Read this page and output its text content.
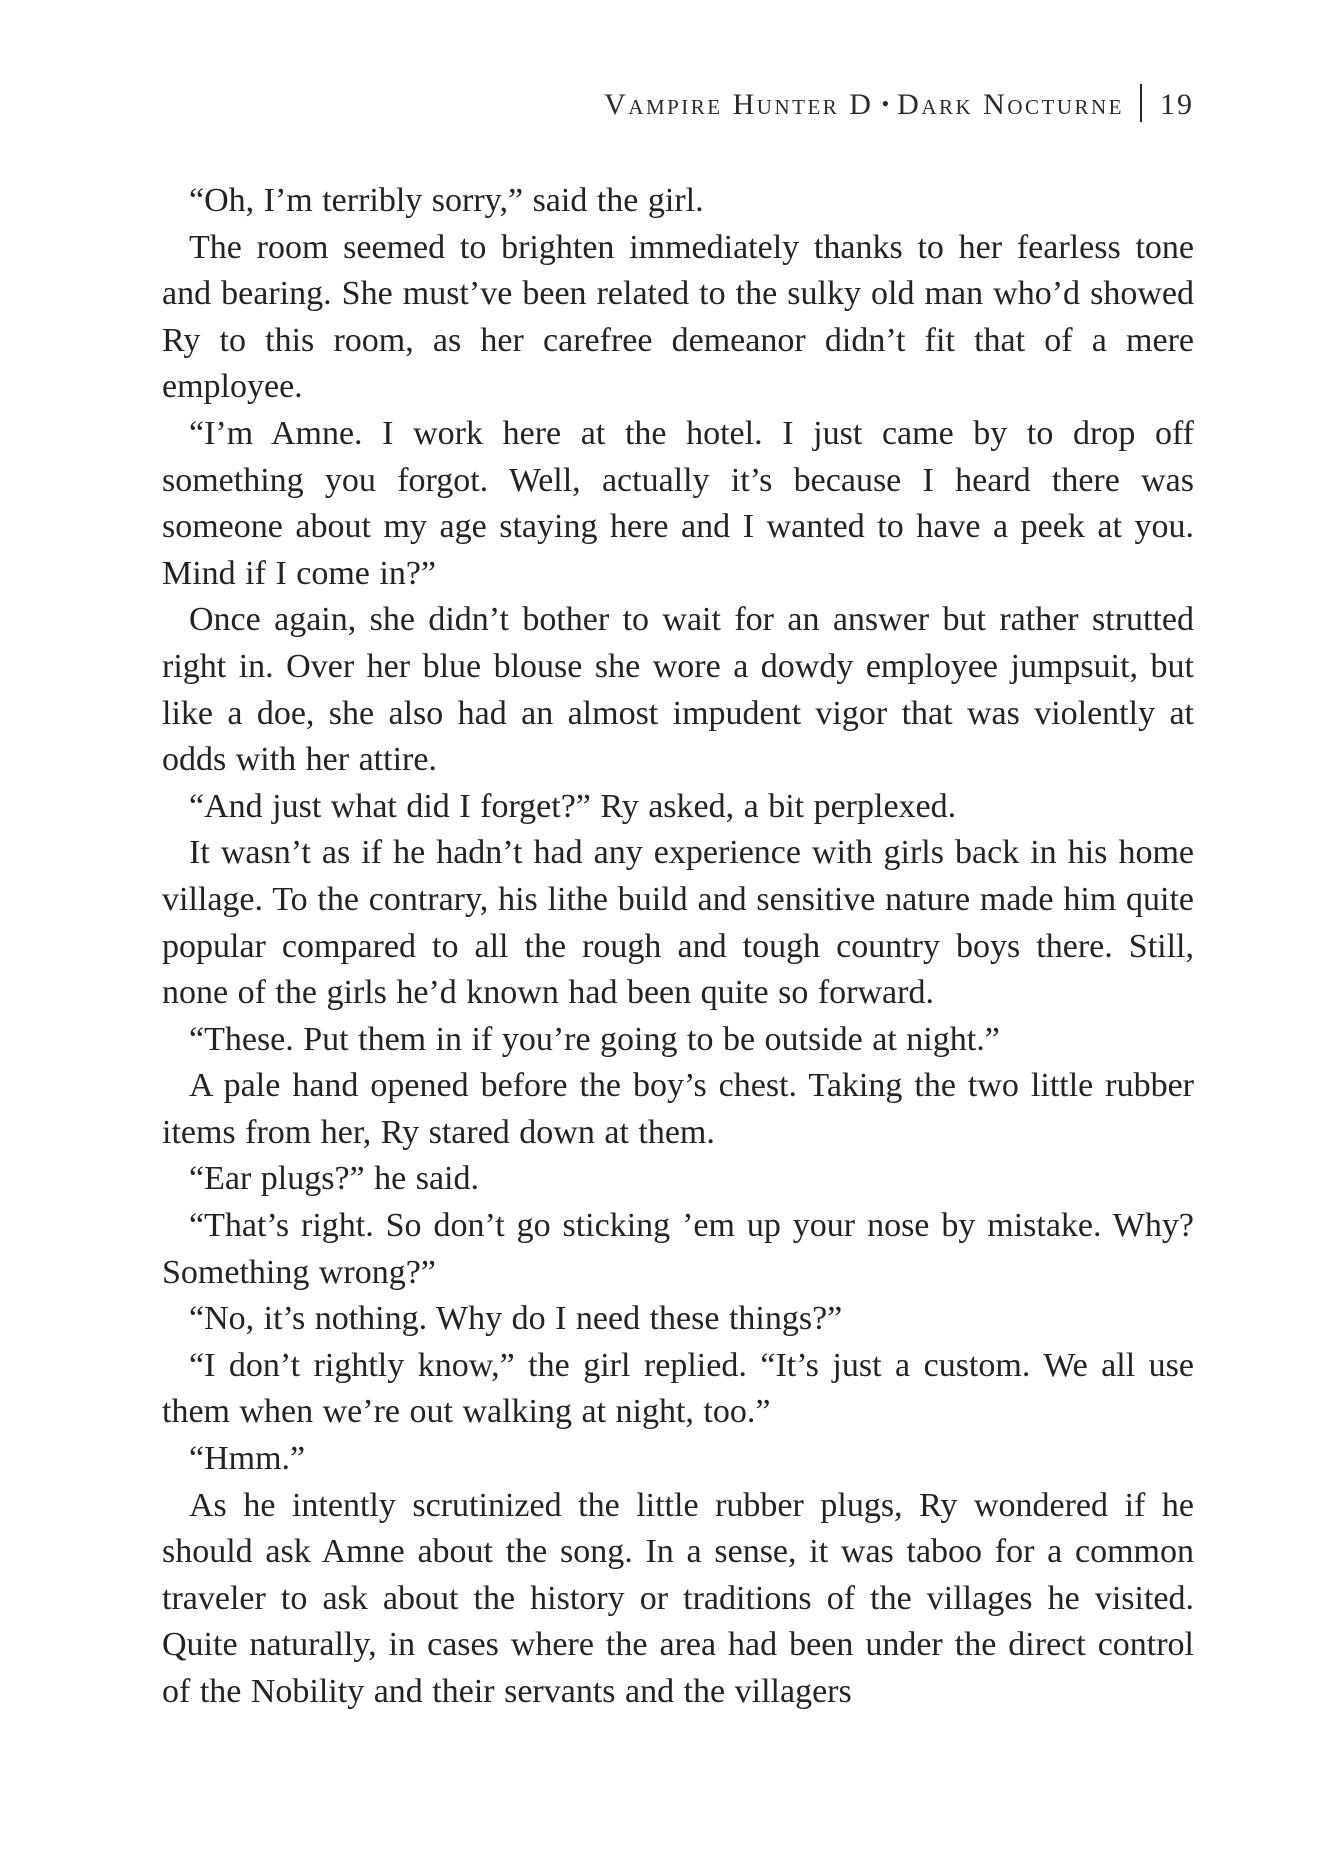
Vampire Hunter D • Dark Nocturne 19

“Oh, I’m terribly sorry,” said the girl.

The room seemed to brighten immediately thanks to her fearless tone and bearing. She must’ve been related to the sulky old man who’d showed Ry to this room, as her carefree demeanor didn’t fit that of a mere employee.

“I’m Amne. I work here at the hotel. I just came by to drop off something you forgot. Well, actually it’s because I heard there was someone about my age staying here and I wanted to have a peek at you. Mind if I come in?”

Once again, she didn’t bother to wait for an answer but rather strutted right in. Over her blue blouse she wore a dowdy employee jumpsuit, but like a doe, she also had an almost impudent vigor that was violently at odds with her attire.

“And just what did I forget?” Ry asked, a bit perplexed.

It wasn’t as if he hadn’t had any experience with girls back in his home village. To the contrary, his lithe build and sensitive nature made him quite popular compared to all the rough and tough country boys there. Still, none of the girls he’d known had been quite so forward.

“These. Put them in if you’re going to be outside at night.”

A pale hand opened before the boy’s chest. Taking the two little rubber items from her, Ry stared down at them.

“Ear plugs?” he said.

“That’s right. So don’t go sticking ’em up your nose by mistake. Why? Something wrong?”

“No, it’s nothing. Why do I need these things?”

“I don’t rightly know,” the girl replied. “It’s just a custom. We all use them when we’re out walking at night, too.”

“Hmm.”

As he intently scrutinized the little rubber plugs, Ry wondered if he should ask Amne about the song. In a sense, it was taboo for a common traveler to ask about the history or traditions of the villages he visited. Quite naturally, in cases where the area had been under the direct control of the Nobility and their servants and the villagers
